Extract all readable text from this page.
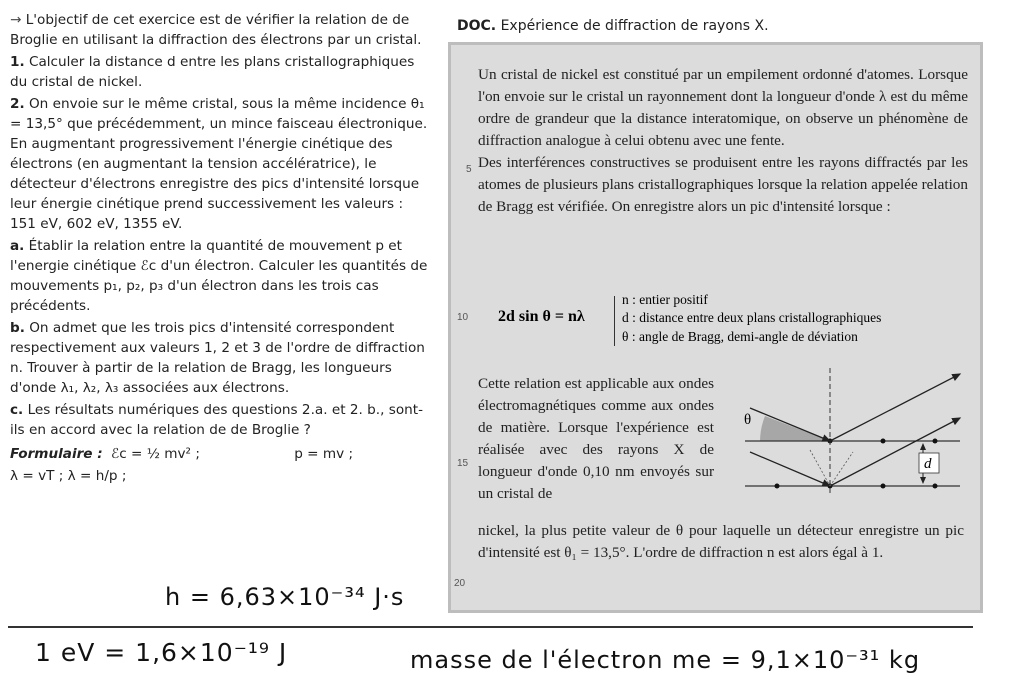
→ L'objectif de cet exercice est de vérifier la relation de de Broglie en utilisant la diffraction des électrons par un cristal.

1. Calculer la distance d entre les plans cristallographiques du cristal de nickel.

2. On envoie sur le même cristal, sous la même incidence θ₁ = 13,5° que précédemment, un mince faisceau électronique. En augmentant progressivement l'énergie cinétique des électrons (en augmentant la tension accélératrice), le détecteur d'électrons enregistre des pics d'intensité lorsque leur énergie cinétique prend successivement les valeurs : 151 eV, 602 eV, 1355 eV.

a. Établir la relation entre la quantité de mouvement p et l'energie cinétique ℰc d'un électron. Calculer les quantités de mouvements p₁, p₂, p₃ d'un électron dans les trois cas précédents.

b. On admet que les trois pics d'intensité correspondent respectivement aux valeurs 1, 2 et 3 de l'ordre de diffraction n. Trouver à partir de la relation de Bragg, les longueurs d'onde λ₁, λ₂, λ₃ associées aux électrons.

c. Les résultats numériques des questions 2.a. et 2. b., sont-ils en accord avec la relation de de Broglie ?

Formulaire : ℰc = ½ mv² ;	p = mv ;

λ = vT ; λ = h/p ;

h = 6,63×10⁻³⁴ J·s
1 eV = 1,6×10⁻¹⁹ J	masse de l'électron me = 9,1×10⁻³¹ kg
DOC. Expérience de diffraction de rayons X.

Un cristal de nickel est constitué par un empilement ordonné d'atomes. Lorsque l'on envoie sur le cristal un rayonnement dont la longueur d'onde λ est du même ordre de grandeur que la distance interatomique, on observe un phénomène de diffraction analogue à celui obtenu avec une fente.

Des interférences constructives se produisent entre les rayons diffractés par les atomes de plusieurs plans cristallographiques lorsque la relation appelée relation de Bragg est vérifiée. On enregistre alors un pic d'intensité lorsque :

5
10
15
20
2d sin θ = nλ
n : entier positif
d : distance entre deux plans cristallographiques
θ : angle de Bragg, demi-angle de déviation

Cette relation est applicable aux ondes électromagnétiques comme aux ondes de matière. Lorsque l'expérience est réalisée avec des rayons X de longueur d'onde 0,10 nm envoyés sur un cristal de

nickel, la plus petite valeur de θ pour laquelle un détecteur enregistre un pic d'intensité est θ₁ = 13,5°. L'ordre de diffraction n est alors égal à 1.

d
θ
